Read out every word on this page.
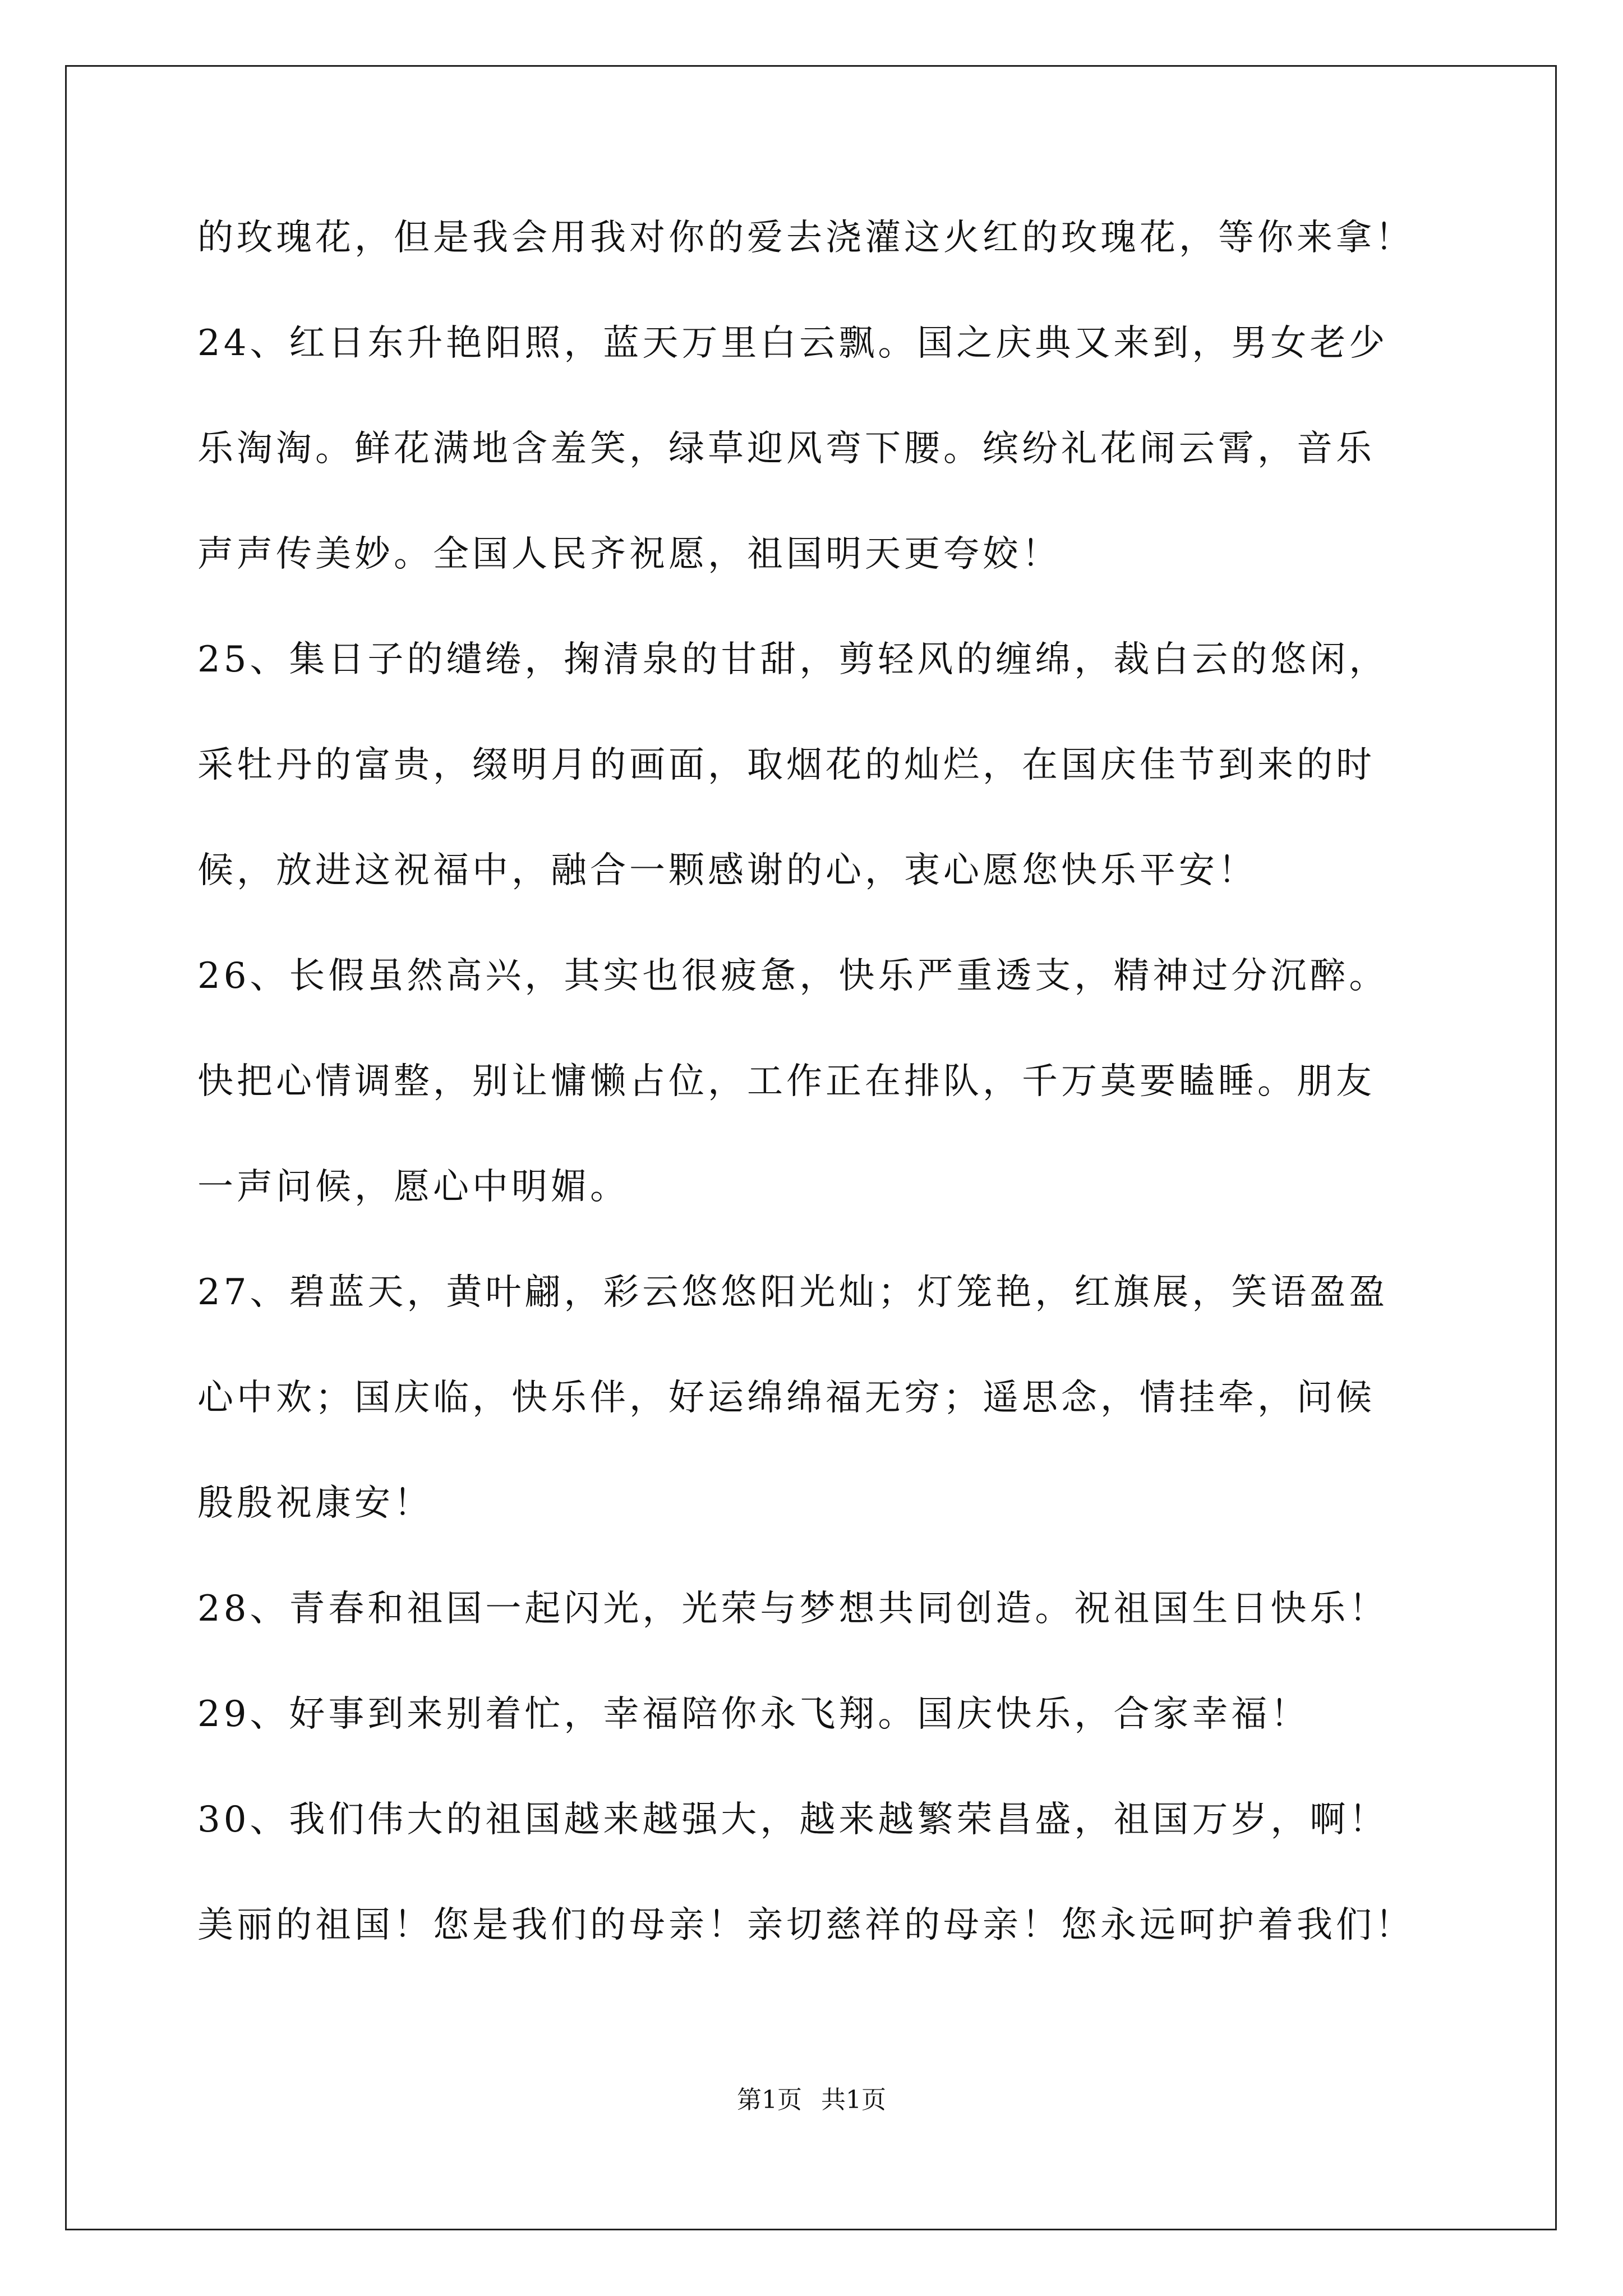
的玫瑰花，但是我会用我对你的爱去浇灌这火红的玫瑰花，等你来拿！
24、红日东升艳阳照，蓝天万里白云飘。国之庆典又来到，男女老少
乐淘淘。鲜花满地含羞笑，绿草迎风弯下腰。缤纷礼花闹云霄，音乐
声声传美妙。全国人民齐祝愿，祖国明天更夸姣！
25、集日子的缱绻，掬清泉的甘甜，剪轻风的缠绵，裁白云的悠闲，
采牡丹的富贵，缀明月的画面，取烟花的灿烂，在国庆佳节到来的时
候，放进这祝福中，融合一颗感谢的心，衷心愿您快乐平安！
26、长假虽然高兴，其实也很疲惫，快乐严重透支，精神过分沉醉。
快把心情调整，别让慵懒占位，工作正在排队，千万莫要瞌睡。朋友
一声问候，愿心中明媚。
27、碧蓝天，黄叶翩，彩云悠悠阳光灿；灯笼艳，红旗展，笑语盈盈
心中欢；国庆临，快乐伴，好运绵绵福无穷；遥思念，情挂牵，问候
殷殷祝康安！
28、青春和祖国一起闪光，光荣与梦想共同创造。祝祖国生日快乐！
29、好事到来别着忙，幸福陪你永飞翔。国庆快乐，合家幸福！
30、我们伟大的祖国越来越强大，越来越繁荣昌盛，祖国万岁，啊！
美丽的祖国！您是我们的母亲！亲切慈祥的母亲！您永远呵护着我们！
第1页 共1页
